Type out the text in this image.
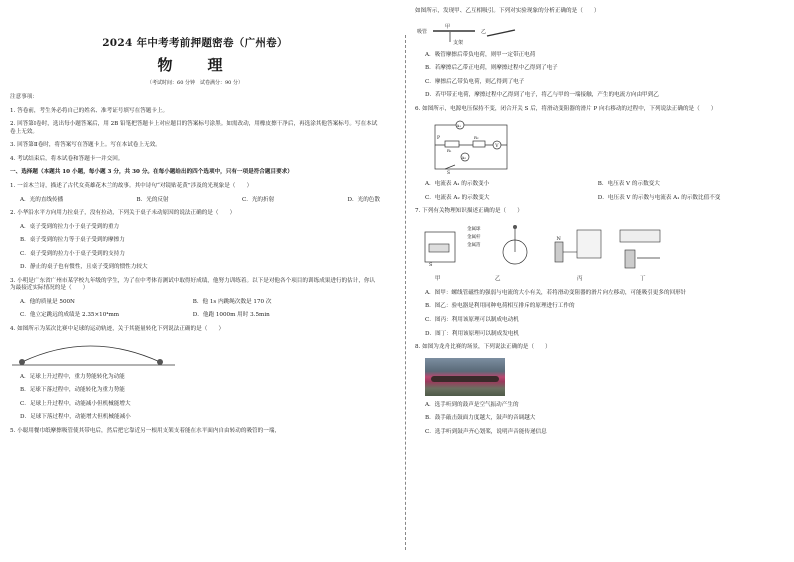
2024 年中考考前押题密卷（广州卷）
物　理
（考试时间：60 分钟　试卷满分：90 分）
注意事项：
1. 答卷前，考生务必将自己的姓名、准考证号填写在答题卡上。
2. 回答第Ⅰ卷时，选出每小题答案后，用 2B 铅笔把答题卡上对应题目的答案标号涂黑。如需改动，用橡皮擦干净后，再选涂其他答案标号。写在本试卷上无效。
3. 回答第Ⅱ卷时，将答案写在答题卡上。写在本试卷上无效。
4. 考试结束后，将本试卷和答题卡一并交回。
一、选择题（本题共 10 小题，每小题 3 分，共 30 分。在每小题给出的四个选项中，只有一项是符合题目要求）
1. 一首木兰诗，描述了古代女英雄花木兰的故事。其中诗句“对镜贴花黄”涉及的光现象是（　　）
A．光的直线传播	B．光的反射	C．光的折射	D．光的色散
2. 小华沿水平方向用力拉桌子，没有拉动，下列关于桌子未动原因的说法正确的是（　　）
A．桌子受到的拉力小于桌子受到的重力
B．桌子受到的拉力等于桌子受到的摩擦力
C．桌子受到的拉力小于桌子受到的支持力
D．静止的桌子也有惯性，且桌子受到的惯性力较大
3. 小明是广东省广州市某学校九年级的学生，为了在中考体育测试中取得好成绩，他努力训练着。以下是对他各个项目的训练成果进行的估计，你认为最接近实际情况的是（　　）
A．他的质量是 500N	B．他 1s 内跳绳次数是 170 次
C．他立定跳远的成绩是 2.35×10⁴mm	D．他跑 1000m 用时 3.5min
4. 如图所示为某次比赛中足球的运动轨迹，关于其能量转化下列说法正确的是（　　）
A．足球上升过程中，重力势能转化为动能
B．足球下落过程中，动能转化为重力势能
C．足球上升过程中，动能减小但机械能增大
D．足球下落过程中，动能增大但机械能减小
5. 小聪用餐巾纸摩擦吸管使其带电后，然后把它靠近另一根用支架支着能在水平面内自由转动的吸管的一端，
如图所示，发现甲、乙互相吸引。下列对实验现象的分析正确的是（　　）
吸管
甲
支架
乙
A．吸管摩擦后带负电荷，则甲一定带正电荷
B．若摩擦后乙带正电荷，则摩擦过程中乙得到了电子
C．摩擦后乙带负电荷，则乙得到了电子
D．若甲带正电荷，摩擦过程中乙得到了电子，将乙与甲的一端接触，产生的电流方向由甲到乙
6. 如图所示，电源电压保持不变，闭合开关 S 后，将滑动变阻器的滑片 P 向右移动的过程中，下列说法正确的是（　　）
A₁
R₁
P	R₂
V
A₂
S
A．电流表 A₁ 的示数变小	B．电压表 V 的示数变大
C．电流表 A₂ 的示数变大	D．电压表 V 的示数与电流表 A₁ 的示数比值不变
7. 下列有关物理知识描述正确的是（　　）
S
甲
金属球
金属杆
金属箔
乙
N
丙	丁
A．图甲：螺线管磁性的强弱与电流的大小有关，若将滑动变阻器的滑片向左移动，可能吸引更多的回形针
B．图乙：验电器是利用同种电荷相互排斥的原理进行工作的
C．图丙：利用该原理可以制成电动机
D．图丁：利用该原理可以制成发电机
8. 如图为龙舟比赛的场景，下列说法正确的是（　　）
A．选手听到的鼓声是空气振动产生的
B．鼓手敲击鼓面力度越大，鼓声的音调越大
C．选手听到鼓声齐心划桨，说明声音能传递信息
